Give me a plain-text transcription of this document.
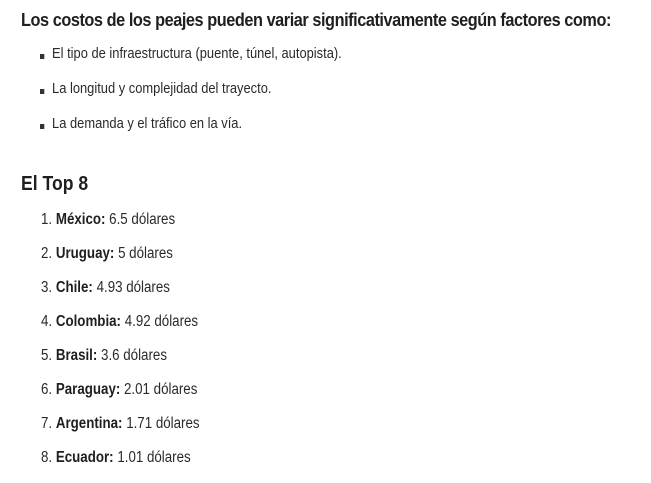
Los costos de los peajes pueden variar significativamente según factores como:
El tipo de infraestructura (puente, túnel, autopista).
La longitud y complejidad del trayecto.
La demanda y el tráfico en la vía.
El Top 8
1. México: 6.5 dólares
2. Uruguay: 5 dólares
3. Chile: 4.93 dólares
4. Colombia: 4.92 dólares
5. Brasil: 3.6 dólares
6. Paraguay: 2.01 dólares
7. Argentina: 1.71 dólares
8. Ecuador: 1.01 dólares
